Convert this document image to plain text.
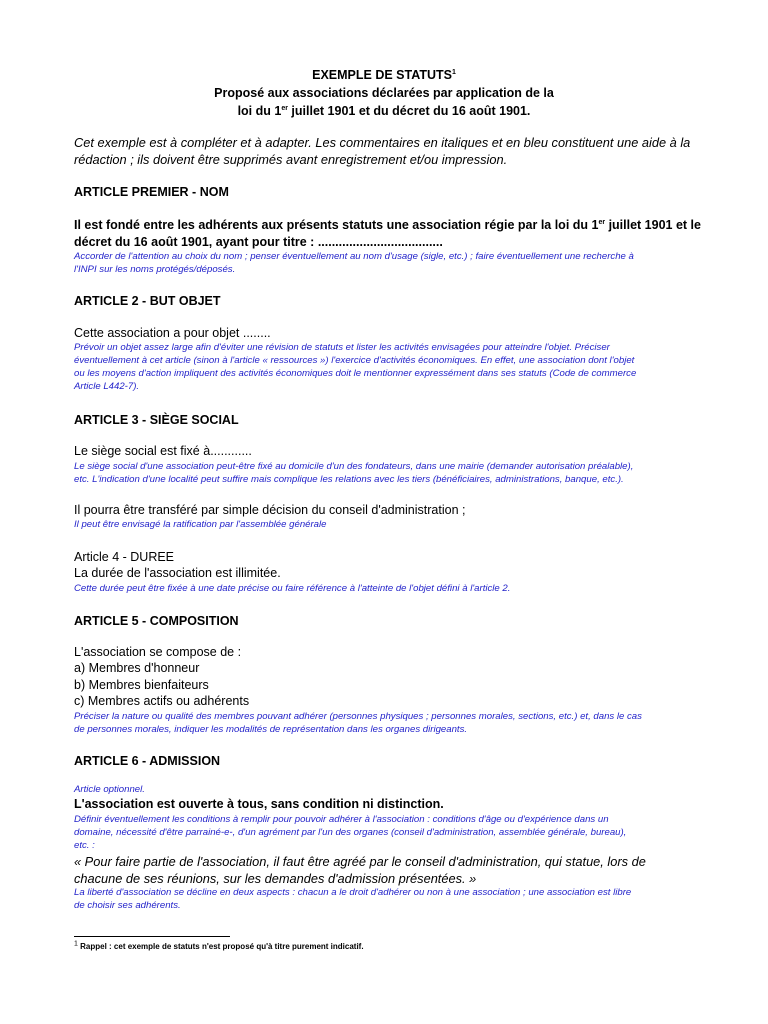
EXEMPLE DE STATUTS$^1$
Proposé aux associations déclarées par application de la
loi du 1er juillet 1901 et du décret du 16 août 1901.
Cet exemple est à compléter et à adapter. Les commentaires en italiques et en bleu constituent une aide à la
rédaction ; ils doivent être supprimés avant enregistrement et/ou impression.
ARTICLE PREMIER - NOM
Il est fondé entre les adhérents aux présents statuts une association régie par la loi du 1er juillet 1901 et le
décret du 16 août 1901, ayant pour titre : ....................................
Accorder de l'attention au choix du nom ; penser éventuellement au nom d'usage (sigle, etc.) ; faire éventuellement une recherche à
l'INPI sur les noms protégés/déposés.
ARTICLE 2 - BUT OBJET
Cette association a pour objet ........
Prévoir un objet assez large afin d'éviter une révision de statuts et lister les activités envisagées pour atteindre l'objet. Préciser
éventuellement à cet article (sinon à l'article « ressources ») l'exercice d'activités économiques. En effet, une association dont l'objet
ou les moyens d'action impliquent des activités économiques doit le mentionner expressément dans ses statuts (Code de commerce
Article L442-7).
ARTICLE 3 - SIÈGE SOCIAL
Le siège social est fixé à............
Le siège social d'une association peut-être fixé au domicile d'un des fondateurs, dans une mairie (demander autorisation préalable),
etc. L'indication d'une localité peut suffire mais complique les relations avec les tiers (bénéficiaires, administrations, banque, etc.).
Il pourra être transféré par simple décision du conseil d'administration ;
Il peut être envisagé la ratification par l'assemblée générale
Article 4 - DUREE
La durée de l'association est illimitée.
Cette durée peut être fixée à une date précise ou faire référence à l'atteinte de l'objet défini à l'article 2.
ARTICLE 5 - COMPOSITION
L'association se compose de :
a) Membres d'honneur
b) Membres bienfaiteurs
c) Membres actifs ou adhérents
Préciser la nature ou qualité des membres pouvant adhérer (personnes physiques ; personnes morales, sections, etc.) et, dans le cas
de personnes morales, indiquer les modalités de représentation dans les organes dirigeants.
ARTICLE 6 - ADMISSION
Article optionnel.
L'association est ouverte à tous, sans condition ni distinction.
Définir éventuellement les conditions à remplir pour pouvoir adhérer à l'association : conditions d'âge ou d'expérience dans un
domaine, nécessité d'être parrainé-e-, d'un agrément par l'un des organes (conseil d'administration, assemblée générale, bureau),
etc. :
« Pour faire partie de l'association, il faut être agréé par le conseil d'administration, qui statue, lors de
chacune de ses réunions, sur les demandes d'admission présentées. »
La liberté d'association se décline en deux aspects : chacun a le droit d'adhérer ou non à une association ; une association est libre
de choisir ses adhérents.
$^1$ Rappel : cet exemple de statuts n'est proposé qu'à titre purement indicatif.
